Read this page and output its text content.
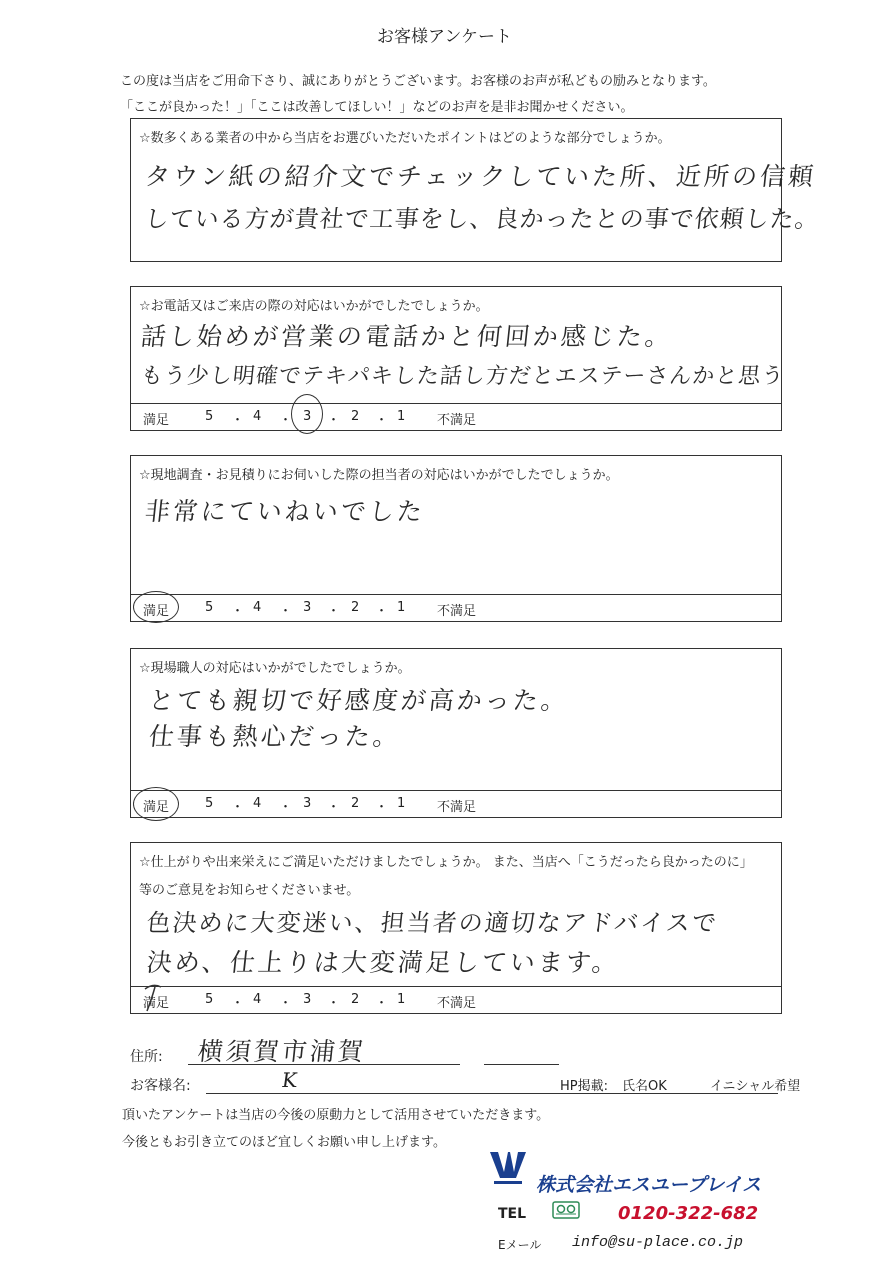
お客様アンケート
この度は当店をご用命下さり、誠にありがとうございます。お客様のお声が私どもの励みとなります。
「ここが良かった！」「ここは改善してほしい！」などのお声を是非お聞かせください。
☆数多くある業者の中から当店をお選びいただいたポイントはどのような部分でしょうか。
タウン紙の紹介文でチェックしていた所、近所の信頼
している方が貴社で工事をし、良かったとの事で依頼した。
☆お電話又はご来店の際の対応はいかがでしたでしょうか。
話し始めが営業の電話かと何回か感じた。
もう少し明確でテキパキした話し方だとエステーさんかと思う
満足	5 ・ 4 ・ 3 ・ 2 ・ 1 不満足
☆現地調査・お見積りにお伺いした際の担当者の対応はいかがでしたでしょうか。
非常にていねいでした
満足	5 ・ 4 ・ 3 ・ 2 ・ 1 不満足
☆現場職人の対応はいかがでしたでしょうか。
とても親切で好感度が高かった。
仕事も熱心だった。
満足	5 ・ 4 ・ 3 ・ 2 ・ 1 不満足
☆仕上がりや出来栄えにご満足いただけましたでしょうか。 また、当店へ「こうだったら良かったのに」
等のご意見をお知らせくださいませ。
色決めに大変迷い、担当者の適切なアドバイスで
決め、仕上りは大変満足しています。
満足	5 ・ 4 ・ 3 ・ 2 ・ 1 不満足
住所: 横須賀市浦賀
お客様名:	K	HP掲載: 氏名OK	イニシャル希望
頂いたアンケートは当店の今後の原動力として活用させていただきます。
今後ともお引き立てのほど宜しくお願い申し上げます。
株式会社エスユープレイス
TEL	0120-322-682
Eメール info@su-place.co.jp
